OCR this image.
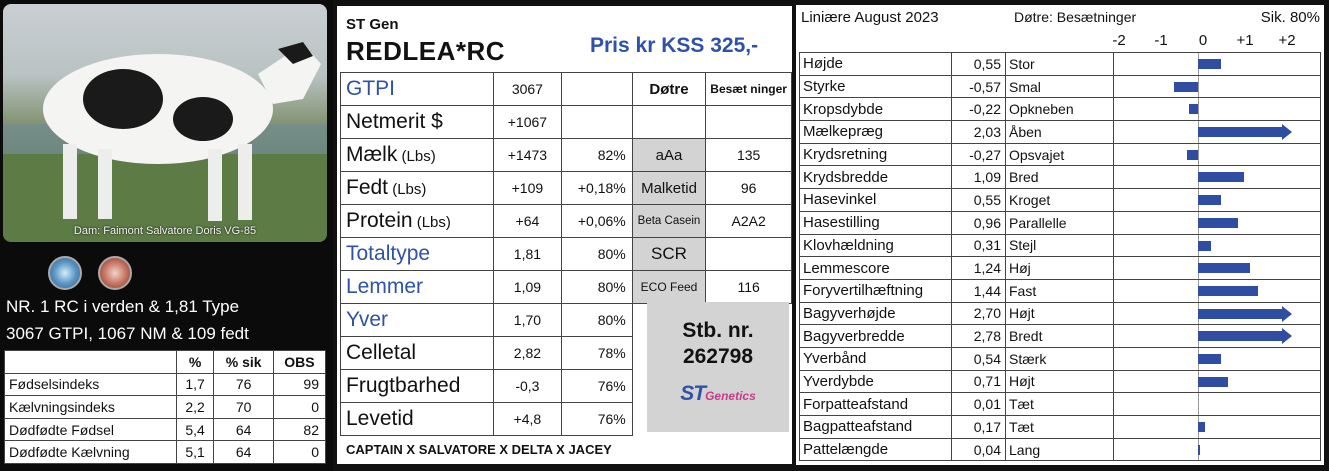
Dam: Faimont Salvatore Doris VG-85
NR. 1 RC i verden & 1,81 Type
3067 GTPI, 1067 NM & 109 fedt
	%	% sik	OBS
Fødselsindeks	1,7	76	99
Kælvningsindeks	2,2	70	0
Dødfødte Fødsel	5,4	64	82
Dødfødte Kælvning	5,1	64	0
ST Gen
REDLEA*RC	Pris kr KSS 325,-
GTPI	3067		Døtre	Besæt ninger
Netmerit $	+1067			
Mælk (Lbs)	+1473	82%	aAa	135
Fedt (Lbs)	+109	+0,18%	Malketid	96
Protein (Lbs)	+64	+0,06%	Beta Casein	A2A2
Totaltype	1,81	80%	SCR	
Lemmer	1,09	80%	ECO Feed	116
Yver	1,70	80%		
Celletal	2,82	78%		
Frugtbarhed	-0,3	76%		
Levetid	+4,8	76%		
Stb. nr.
262798
STGenetics
CAPTAIN X SALVATORE X DELTA X JACEY
Liniære August 2023	Døtre: Besætninger	Sik. 80%
-2 -1 0 +1 +2
Højde	0,55	Stor	

Styrke	-0,57	Smal	

Kropsdybde	-0,22	Opkneben	

Mælkepræg	2,03	Åben	

Krydsretning	-0,27	Opsvajet	

Krydsbredde	1,09	Bred	

Hasevinkel	0,55	Kroget	

Hasestilling	0,96	Parallelle	

Klovhældning	0,31	Stejl	

Lemmescore	1,24	Høj	

Foryvertilhæftning	1,44	Fast	

Bagyverhøjde	2,70	Højt	

Bagyverbredde	2,78	Bredt	

Yverbånd	0,54	Stærk	

Yverdybde	0,71	Højt	

Forpatteafstand	0,01	Tæt	

Bagpatteafstand	0,17	Tæt	

Pattelængde	0,04	Lang	
